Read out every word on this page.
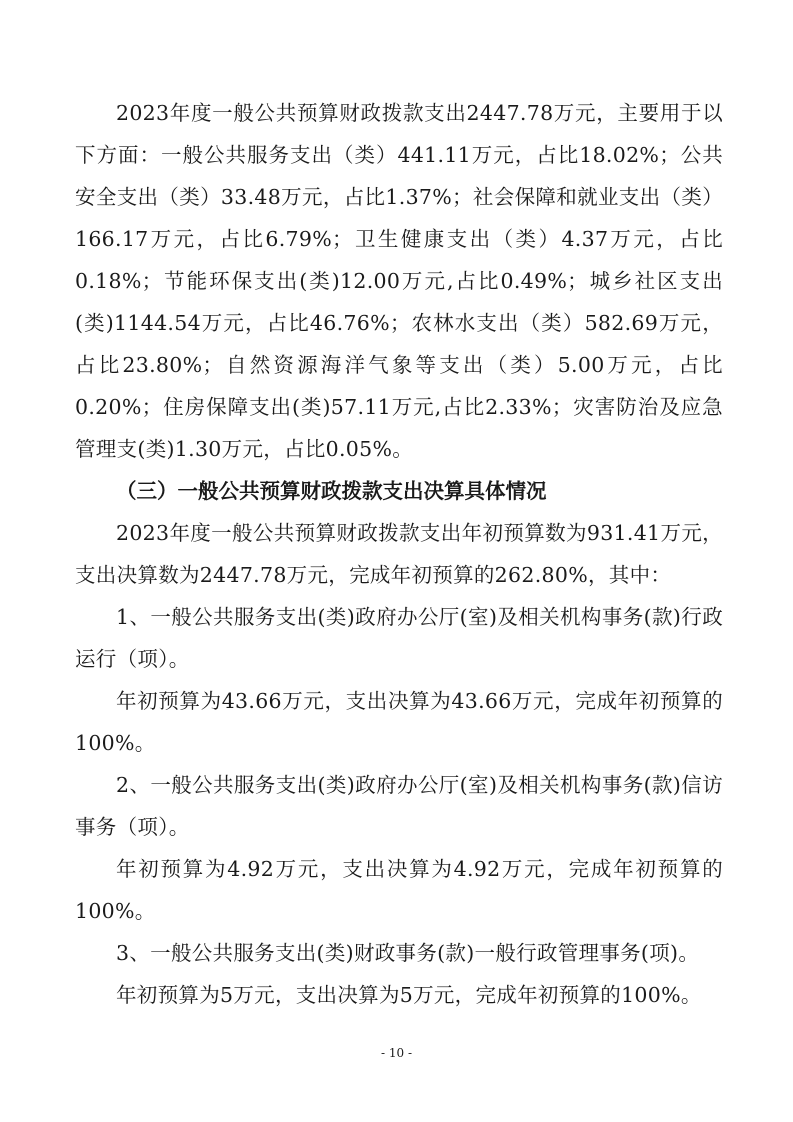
2023年度一般公共预算财政拨款支出2447.78万元，主要用于以下方面：一般公共服务支出（类）441.11万元，占比18.02%；公共安全支出（类）33.48万元，占比1.37%；社会保障和就业支出（类）166.17万元，占比6.79%；卫生健康支出（类）4.37万元，占比0.18%；节能环保支出(类)12.00万元,占比0.49%；城乡社区支出(类)1144.54万元，占比46.76%；农林水支出（类）582.69万元，占比23.80%；自然资源海洋气象等支出（类）5.00万元，占比0.20%；住房保障支出(类)57.11万元,占比2.33%；灾害防治及应急管理支(类)1.30万元，占比0.05%。

（三）一般公共预算财政拨款支出决算具体情况

2023年度一般公共预算财政拨款支出年初预算数为931.41万元，支出决算数为2447.78万元，完成年初预算的262.80%，其中：

1、一般公共服务支出(类)政府办公厅(室)及相关机构事务(款)行政运行（项）。

年初预算为43.66万元，支出决算为43.66万元，完成年初预算的100%。

2、一般公共服务支出(类)政府办公厅(室)及相关机构事务(款)信访事务（项）。

年初预算为4.92万元，支出决算为4.92万元，完成年初预算的100%。

3、一般公共服务支出(类)财政事务(款)一般行政管理事务(项)。

年初预算为5万元，支出决算为5万元，完成年初预算的100%。

- 10 -
